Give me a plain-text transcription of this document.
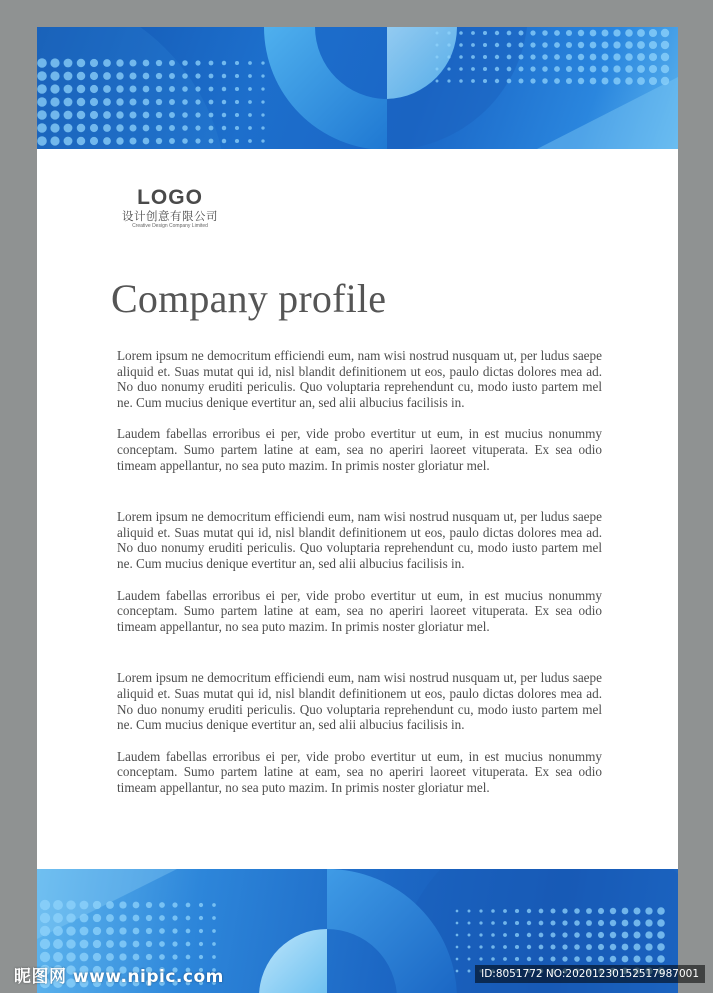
LOGO
设计创意有限公司
Creative Design Company Limited
Company profile

Lorem ipsum ne democritum efficiendi eum, nam wisi nostrud nusquam ut, per ludus saepe aliquid et. Suas mutat qui id, nisl blandit definitionem ut eos, paulo dictas dolores mea ad. No duo nonumy eruditi periculis. Quo voluptaria reprehendunt cu, modo iusto partem mel ne. Cum mucius denique evertitur an, sed alii albucius facilisis in.

Laudem fabellas erroribus ei per, vide probo evertitur ut eum, in est mucius nonummy conceptam. Sumo partem latine at eam, sea no aperiri laoreet vituperata. Ex sea odio timeam appellantur, no sea puto mazim. In primis noster gloriatur mel.

Lorem ipsum ne democritum efficiendi eum, nam wisi nostrud nusquam ut, per ludus saepe aliquid et. Suas mutat qui id, nisl blandit definitionem ut eos, paulo dictas dolores mea ad. No duo nonumy eruditi periculis. Quo voluptaria reprehendunt cu, modo iusto partem mel ne. Cum mucius denique evertitur an, sed alii albucius facilisis in.

Laudem fabellas erroribus ei per, vide probo evertitur ut eum, in est mucius nonummy conceptam. Sumo partem latine at eam, sea no aperiri laoreet vituperata. Ex sea odio timeam appellantur, no sea puto mazim. In primis noster gloriatur mel.

Lorem ipsum ne democritum efficiendi eum, nam wisi nostrud nusquam ut, per ludus saepe aliquid et. Suas mutat qui id, nisl blandit definitionem ut eos, paulo dictas dolores mea ad. No duo nonumy eruditi periculis. Quo voluptaria reprehendunt cu, modo iusto partem mel ne. Cum mucius denique evertitur an, sed alii albucius facilisis in.

Laudem fabellas erroribus ei per, vide probo evertitur ut eum, in est mucius nonummy conceptam. Sumo partem latine at eam, sea no aperiri laoreet vituperata. Ex sea odio timeam appellantur, no sea puto mazim. In primis noster gloriatur mel.

昵图网 www.nipic.com	ID:8051772 NO:20201230152517987001
